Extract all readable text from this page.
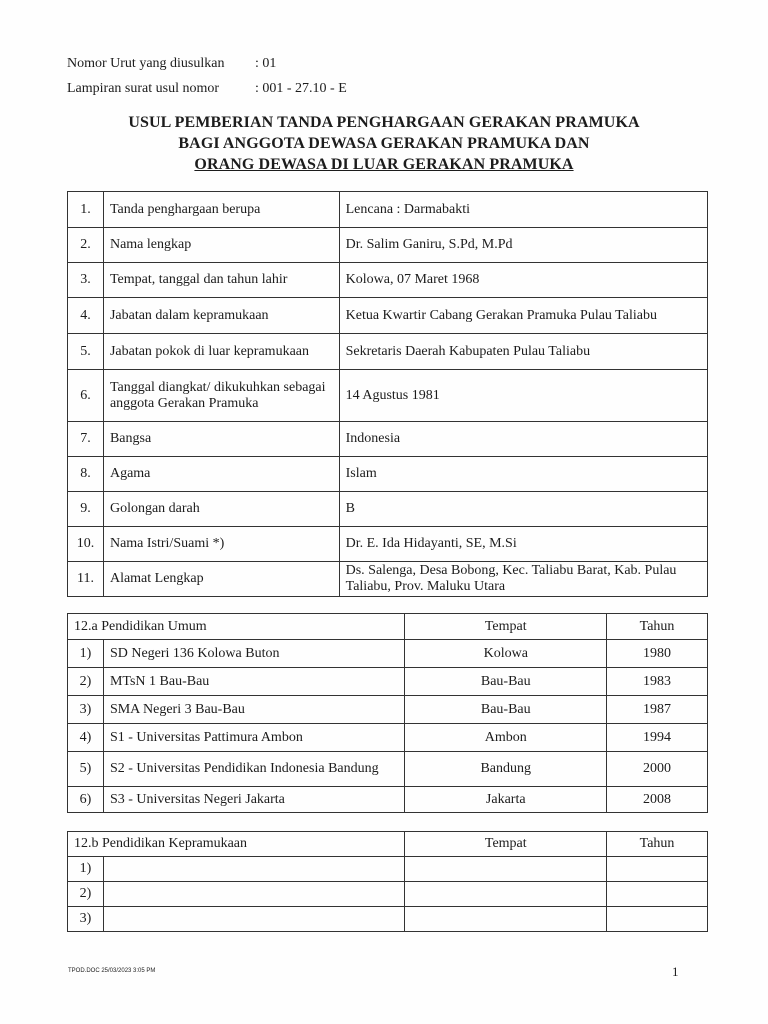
Nomor Urut yang diusulkan : 01
Lampiran surat usul nomor	: 001 - 27.10 - E
USUL PEMBERIAN TANDA PENGHARGAAN GERAKAN PRAMUKA
BAGI ANGGOTA DEWASA GERAKAN PRAMUKA DAN
ORANG DEWASA DI LUAR GERAKAN PRAMUKA
1.	Tanda penghargaan berupa	Lencana : Darmabakti
2.	Nama lengkap	Dr. Salim Ganiru, S.Pd, M.Pd
3.	Tempat, tanggal dan tahun lahir	Kolowa, 07 Maret 1968
4.	Jabatan dalam kepramukaan	Ketua Kwartir Cabang Gerakan Pramuka Pulau Taliabu
5.	Jabatan pokok di luar kepramukaan	Sekretaris Daerah Kabupaten Pulau Taliabu
6.	Tanggal diangkat/ dikukuhkan sebagai anggota Gerakan Pramuka	14 Agustus 1981
7.	Bangsa	Indonesia
8.	Agama	Islam
9.	Golongan darah	B
10.	Nama Istri/Suami *)	Dr. E. Ida Hidayanti, SE, M.Si
11.	Alamat Lengkap	Ds. Salenga, Desa Bobong, Kec. Taliabu Barat, Kab. Pulau Taliabu, Prov. Maluku Utara
12.a Pendidikan Umum		Tempat	Tahun
1)	SD Negeri 136 Kolowa Buton	Kolowa	1980
2)	MTsN 1 Bau-Bau	Bau-Bau	1983
3)	SMA Negeri 3 Bau-Bau	Bau-Bau	1987
4)	S1 - Universitas Pattimura Ambon	Ambon	1994
5)	S2 - Universitas Pendidikan Indonesia Bandung	Bandung	2000
6)	S3 - Universitas Negeri Jakarta	Jakarta	2008
12.b Pendidikan Kepramukaan		Tempat	Tahun
1)			
2)			
3)			
TPOD.DOC 25/03/2023 3:05 PM	1
